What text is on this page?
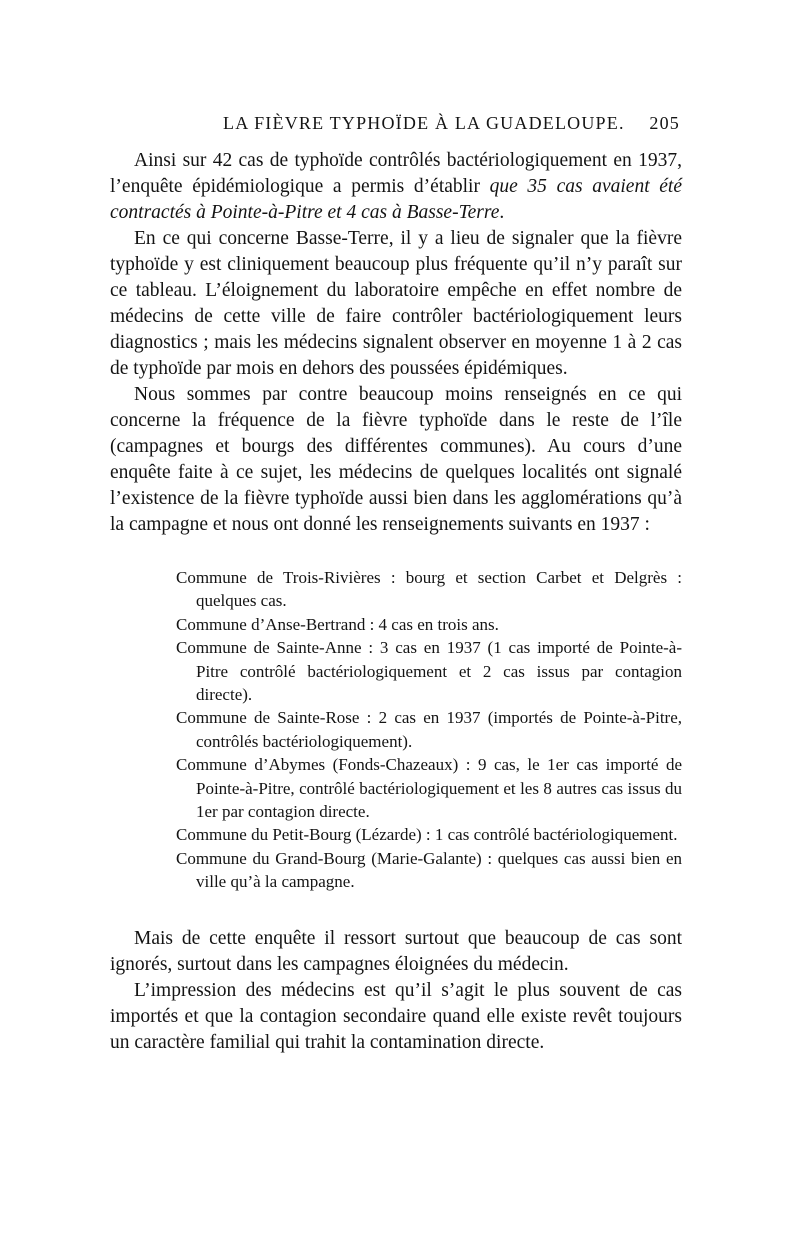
LA FIÈVRE TYPHOÏDE À LA GUADELOUPE. 205

Ainsi sur 42 cas de typhoïde contrôlés bactériologiquement en 1937, l’enquête épidémiologique a permis d’établir que 35 cas avaient été contractés à Pointe-à-Pitre et 4 cas à Basse-Terre.

En ce qui concerne Basse-Terre, il y a lieu de signaler que la fièvre typhoïde y est cliniquement beaucoup plus fréquente qu’il n’y paraît sur ce tableau. L’éloignement du laboratoire empêche en effet nombre de médecins de cette ville de faire contrôler bactériologiquement leurs diagnostics ; mais les médecins signalent observer en moyenne 1 à 2 cas de typhoïde par mois en dehors des poussées épidémiques.

Nous sommes par contre beaucoup moins renseignés en ce qui concerne la fréquence de la fièvre typhoïde dans le reste de l’île (campagnes et bourgs des différentes communes). Au cours d’une enquête faite à ce sujet, les médecins de quelques localités ont signalé l’existence de la fièvre typhoïde aussi bien dans les agglomérations qu’à la campagne et nous ont donné les renseignements suivants en 1937 :

Commune de Trois-Rivières : bourg et section Carbet et Delgrès : quelques cas.
Commune d’Anse-Bertrand : 4 cas en trois ans.
Commune de Sainte-Anne : 3 cas en 1937 (1 cas importé de Pointe-à-Pitre contrôlé bactériologiquement et 2 cas issus par contagion directe).
Commune de Sainte-Rose : 2 cas en 1937 (importés de Pointe-à-Pitre, contrôlés bactériologiquement).
Commune d’Abymes (Fonds-Chazeaux) : 9 cas, le 1er cas importé de Pointe-à-Pitre, contrôlé bactériologiquement et les 8 autres cas issus du 1er par contagion directe.
Commune du Petit-Bourg (Lézarde) : 1 cas contrôlé bactériologiquement.
Commune du Grand-Bourg (Marie-Galante) : quelques cas aussi bien en ville qu’à la campagne.

Mais de cette enquête il ressort surtout que beaucoup de cas sont ignorés, surtout dans les campagnes éloignées du médecin.

L’impression des médecins est qu’il s’agit le plus souvent de cas importés et que la contagion secondaire quand elle existe revêt toujours un caractère familial qui trahit la contamination directe.
